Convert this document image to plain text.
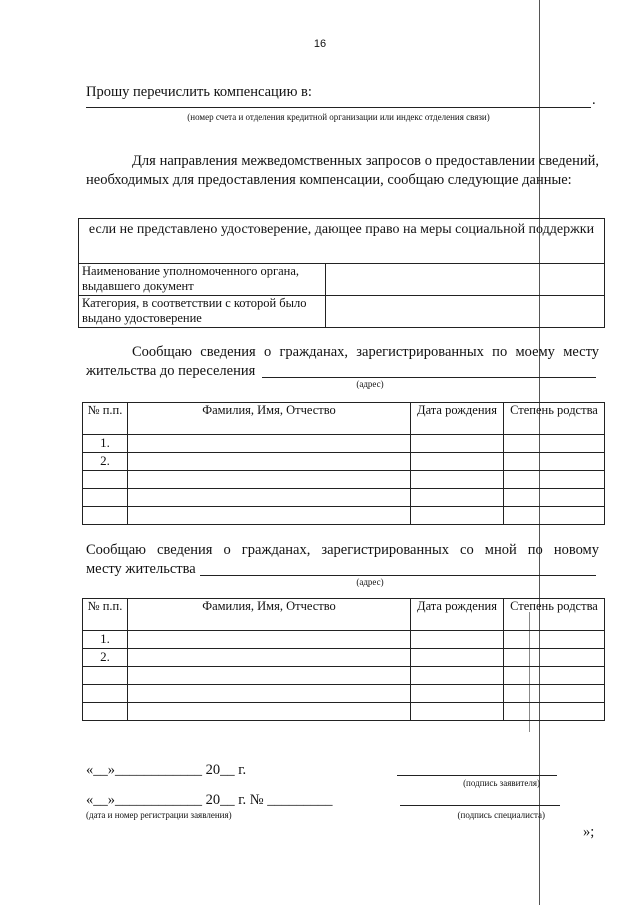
16
Прошу перечислить компенсацию в:	.
(номер счета и отделения кредитной организации или индекс отделения связи)
Для направления межведомственных запросов о предоставлении сведений, необходимых для предоставления компенсации, сообщаю следующие данные:
если не представлено удостоверение, дающее право на меры социальной поддержки	
Наименование уполномоченного органа, выдавшего документ	
Категория, в соответствии с которой было выдано удостоверение	
Сообщаю сведения о гражданах, зарегистрированных по моему месту
жительства до переселения
(адрес)
№ п.п.	Фамилия, Имя, Отчество	Дата рождения	Степень родства
1.			
2.			

Сообщаю сведения о гражданах, зарегистрированных со мной по новому
месту жительства
(адрес)
№ п.п.	Фамилия, Имя, Отчество	Дата рождения	Степень родства
1.			
2.			

«__»____________ 20__ г.
(подпись заявителя)
«__»____________ 20__ г. № _________
(дата и номер регистрации заявления)	(подпись специалиста)
»;
